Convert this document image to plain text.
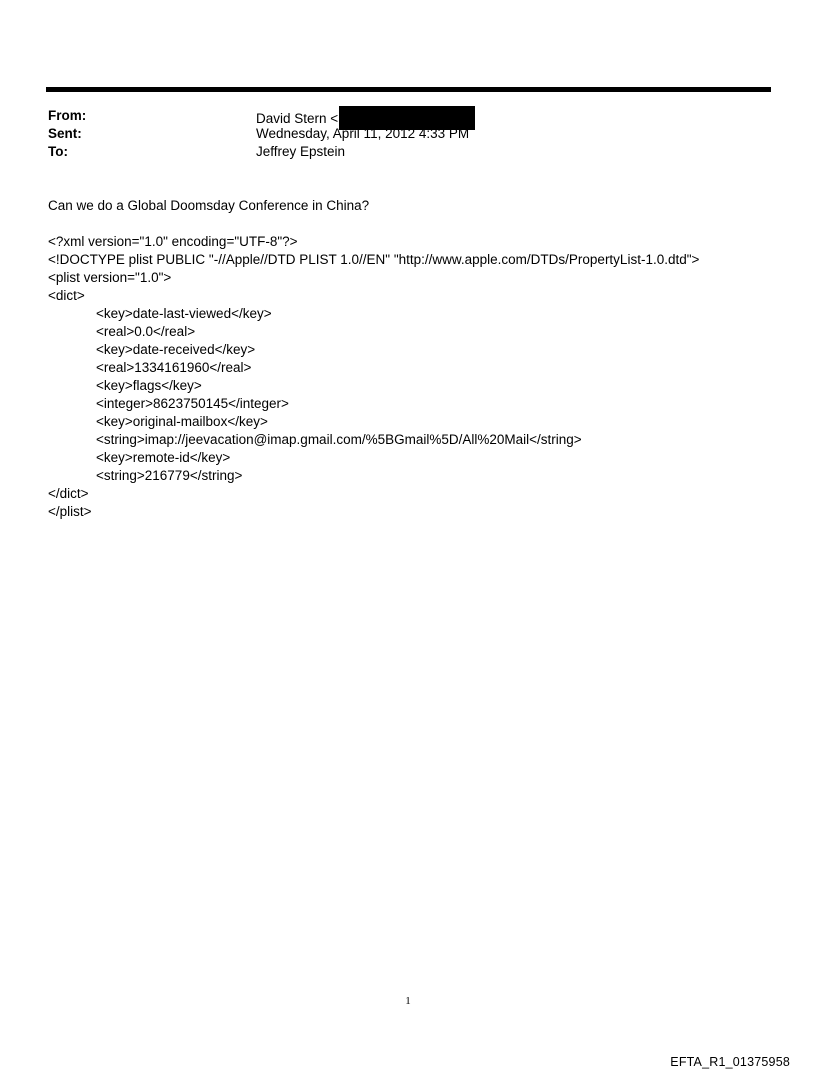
From:	David Stern <
Sent:	Wednesday, April 11, 2012 4:33 PM
To:	Jeffrey Epstein
Can we do a Global Doomsday Conference in China?
<?xml version="1.0" encoding="UTF-8"?>
<!DOCTYPE plist PUBLIC "-//Apple//DTD PLIST 1.0//EN" "http://www.apple.com/DTDs/PropertyList-1.0.dtd">
<plist version="1.0">
<dict>
<key>date-last-viewed</key>
<real>0.0</real>
<key>date-received</key>
<real>1334161960</real>
<key>flags</key>
<integer>8623750145</integer>
<key>original-mailbox</key>
<string>imap://jeevacation@imap.gmail.com/%5BGmail%5D/All%20Mail</string>
<key>remote-id</key>
<string>216779</string>
</dict>
</plist>
1
EFTA_R1_01375958
